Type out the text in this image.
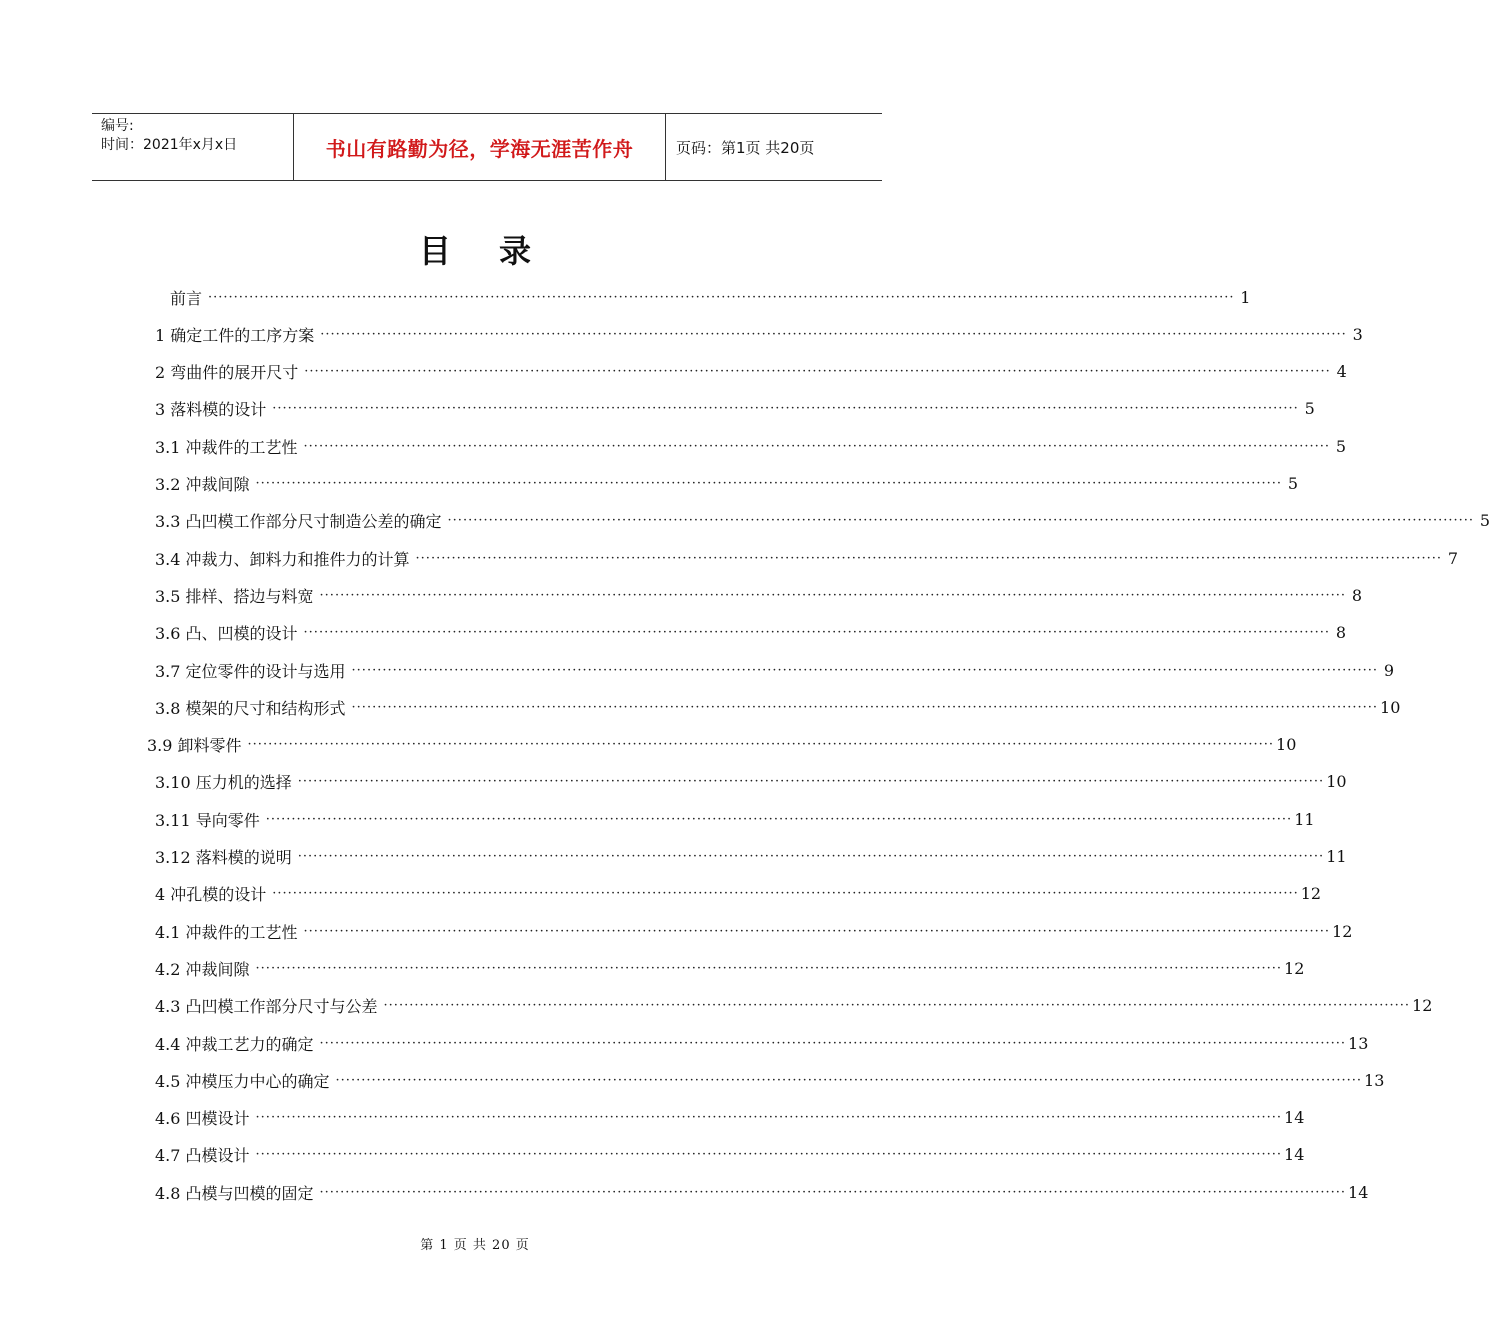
编号:
时间：2021年x月x日	书山有路勤为径，学海无涯苦作舟	页码：第1页 共20页
目录
前言 ········································································································································································································ 1
1 确定工件的工序方案 ········································································································································································································ 3
2 弯曲件的展开尺寸 ········································································································································································································ 4
3 落料模的设计 ········································································································································································································ 5
3.1 冲裁件的工艺性 ········································································································································································································ 5
3.2 冲裁间隙 ········································································································································································································ 5
3.3 凸凹模工作部分尺寸制造公差的确定 ········································································································································································································ 5
3.4 冲裁力、卸料力和推件力的计算 ········································································································································································································ 7
3.5 排样、搭边与料宽 ········································································································································································································ 8
3.6 凸、凹模的设计 ········································································································································································································ 8
3.7 定位零件的设计与选用 ········································································································································································································ 9
3.8 模架的尺寸和结构形式 ········································································································································································································ 10
3.9 卸料零件 ········································································································································································································ 10
3.10 压力机的选择 ········································································································································································································ 10
3.11 导向零件 ········································································································································································································ 11
3.12 落料模的说明 ········································································································································································································ 11
4 冲孔模的设计 ········································································································································································································ 12
4.1 冲裁件的工艺性 ········································································································································································································ 12
4.2 冲裁间隙 ········································································································································································································ 12
4.3 凸凹模工作部分尺寸与公差 ········································································································································································································ 12
4.4 冲裁工艺力的确定 ········································································································································································································ 13
4.5 冲模压力中心的确定 ········································································································································································································ 13
4.6 凹模设计 ········································································································································································································ 14
4.7 凸模设计 ········································································································································································································ 14
4.8 凸模与凹模的固定 ········································································································································································································ 14
第 1 页 共 20 页
